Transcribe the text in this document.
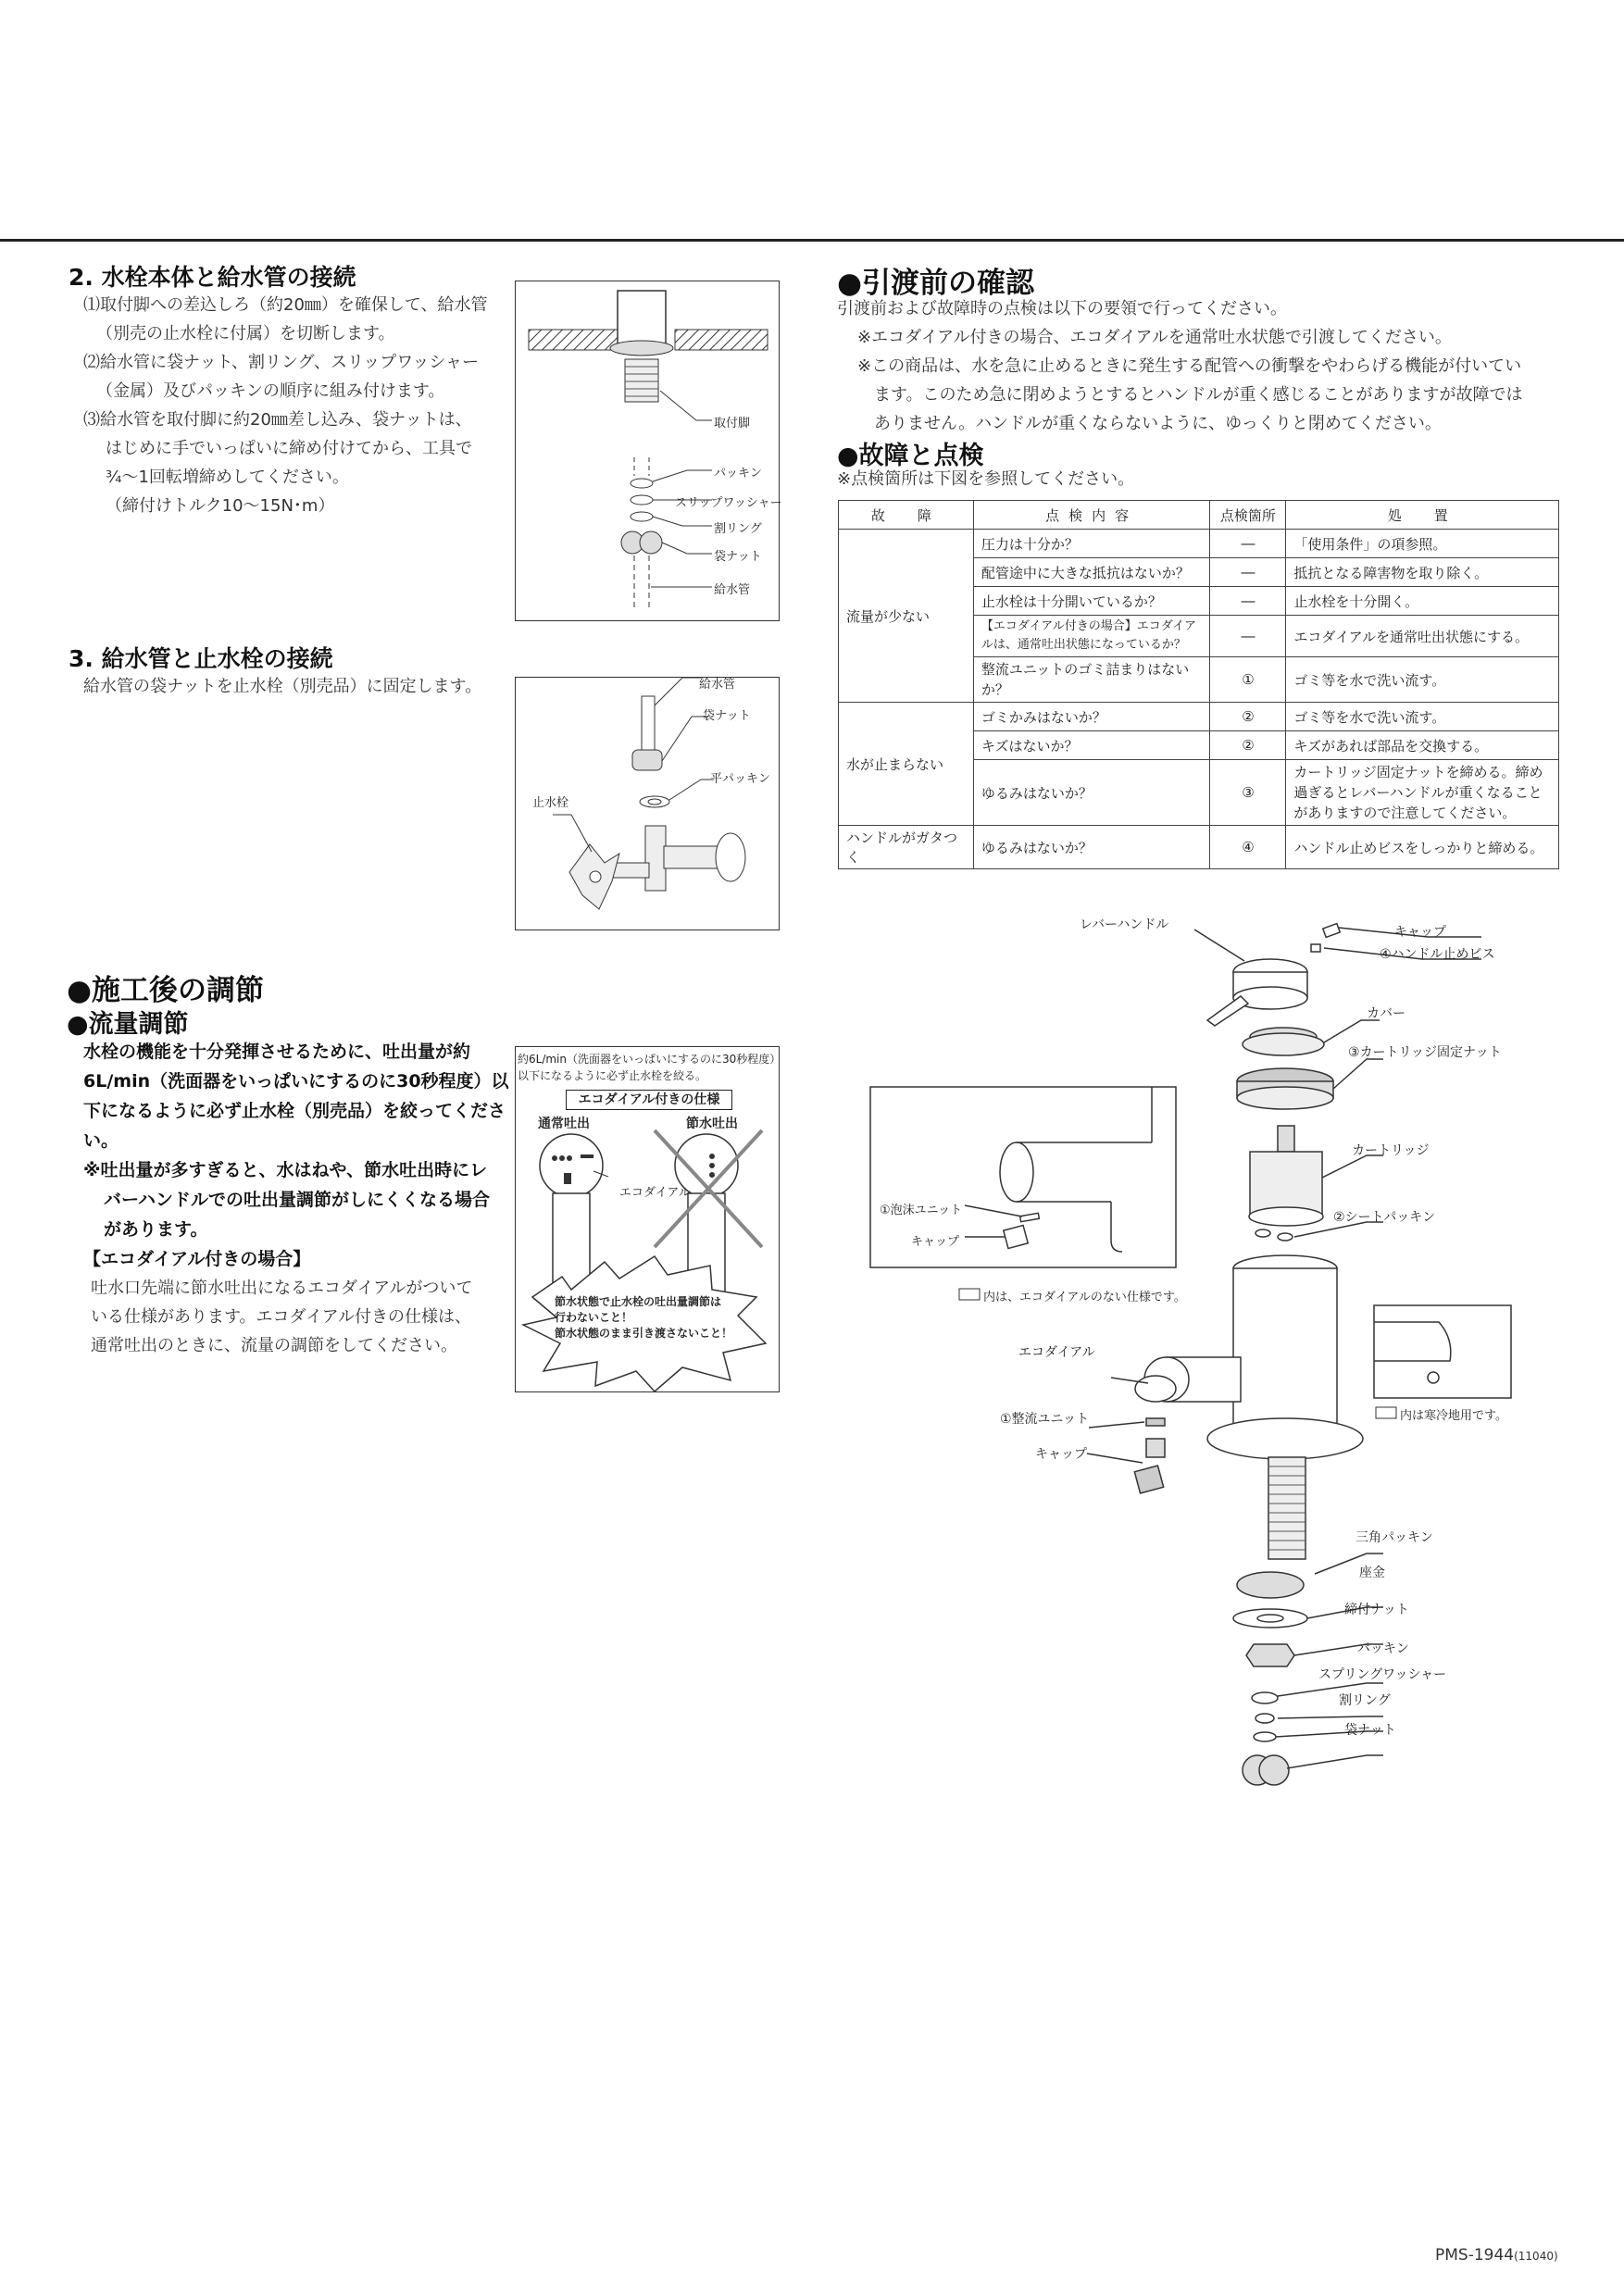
2. 水栓本体と給水管の接続
⑴取付脚への差込しろ（約20㎜）を確保して、給水管
（別売の止水栓に付属）を切断します。
⑵給水管に袋ナット、割リング、スリップワッシャー
（金属）及びパッキンの順序に組み付けます。
⑶給水管を取付脚に約20㎜差し込み、袋ナットは、
はじめに手でいっぱいに締め付けてから、工具で
¾～1回転増締めしてください。
（締付けトルク10～15N･m）
取付脚
パッキン
スリップワッシャー
割リング
袋ナット
給水管
3. 給水管と止水栓の接続
給水管の袋ナットを止水栓（別売品）に固定します。	給水管
袋ナット
平パッキン
止水栓
●施工後の調節
●流量調節
水栓の機能を十分発揮させるために、吐出量が約
6L/min（洗面器をいっぱいにするのに30秒程度）以
下になるように必ず止水栓（別売品）を絞ってくださ
い。
※吐出量が多すぎると、水はねや、節水吐出時にレ
バーハンドルでの吐出量調節がしにくくなる場合
があります。
【エコダイアル付きの場合】
吐水口先端に節水吐出になるエコダイアルがついて
いる仕様があります。エコダイアル付きの仕様は、
通常吐出のときに、流量の調節をしてください。
約6L/min（洗面器をいっぱいにするのに30秒程度）
以下になるように必ず止水栓を絞る。
エコダイアル付きの仕様
通常吐出	節水吐出
エコダイアル
節水状態で止水栓の吐出量調節は
行わないこと！
節水状態のまま引き渡さないこと！
●引渡前の確認
引渡前および故障時の点検は以下の要領で行ってください。
※エコダイアル付きの場合、エコダイアルを通常吐水状態で引渡してください。
※この商品は、水を急に止めるときに発生する配管への衝撃をやわらげる機能が付いてい
ます。このため急に閉めようとするとハンドルが重く感じることがありますが故障では
ありません。ハンドルが重くならないように、ゆっくりと閉めてください。
●故障と点検
※点検箇所は下図を参照してください。
故　障	点検内容	点検箇所	処　置
流量が少ない	圧力は十分か？	―	「使用条件」の項参照。
	配管途中に大きな抵抗はないか？	―	抵抗となる障害物を取り除く。
	止水栓は十分開いているか？	―	止水栓を十分開く。
	【エコダイアル付きの場合】エコダイアルは、通常吐出状態になっているか？	―	エコダイアルを通常吐出状態にする。
	整流ユニットのゴミ詰まりはないか？	①	ゴミ等を水で洗い流す。
水が止まらない	ゴミかみはないか？	②	ゴミ等を水で洗い流す。
	キズはないか？	②	キズがあれば部品を交換する。
	ゆるみはないか？	③	カートリッジ固定ナットを締める。締め過ぎるとレバーハンドルが重くなることがありますので注意してください。
ハンドルがガタつく	ゆるみはないか？	④	ハンドル止めビスをしっかりと締める。
レバーハンドル	キャップ
④ハンドル止めビス
カバー
③カートリッジ固定ナット
カートリッジ
②シートパッキン
①泡沫ユニット
キャップ
内は、エコダイアルのない仕様です。
エコダイアル
①整流ユニット
キャップ
内は寒冷地用です。
三角パッキン
座金
締付ナット
パッキン
スプリングワッシャー
割リング
袋ナット
PMS-1944(11040)
